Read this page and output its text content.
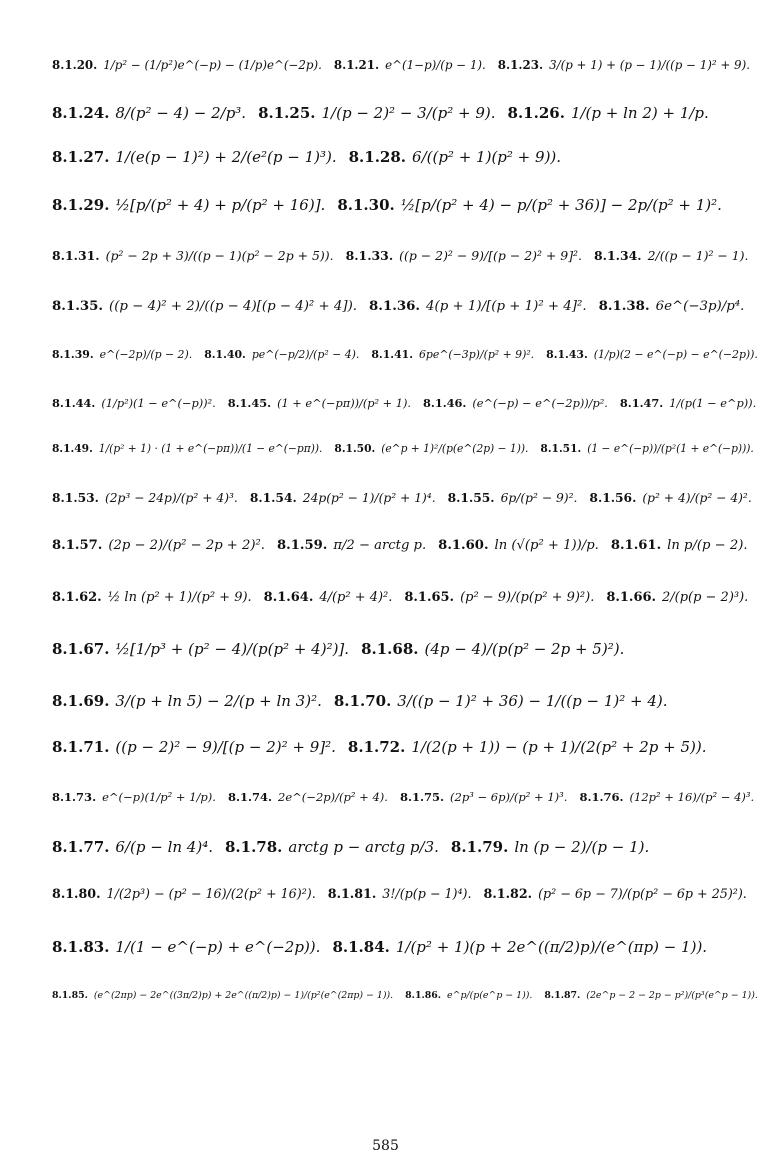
8.1.20. 1/p² − (1/p²)e^(−p) − (1/p)e^(−2p). 8.1.21. e^(1−p)/(p − 1). 8.1.23. 3/(p + 1) + (p − 1)/((p − 1)² + 9).
8.1.24. 8/(p² − 4) − 2/p³. 8.1.25. 1/(p − 2)² − 3/(p² + 9). 8.1.26. 1/(p + ln 2) + 1/p.
8.1.27. 1/(e(p − 1)²) + 2/(e²(p − 1)³). 8.1.28. 6/((p² + 1)(p² + 9)).
8.1.29. ½[p/(p² + 4) + p/(p² + 16)]. 8.1.30. ½[p/(p² + 4) − p/(p² + 36)] − 2p/(p² + 1)².
8.1.31. (p² − 2p + 3)/((p − 1)(p² − 2p + 5)). 8.1.33. ((p − 2)² − 9)/[(p − 2)² + 9]². 8.1.34. 2/((p − 1)² − 1).
8.1.35. ((p − 4)² + 2)/((p − 4)[(p − 4)² + 4]). 8.1.36. 4(p + 1)/[(p + 1)² + 4]². 8.1.38. 6e^(−3p)/p⁴.
8.1.39. e^(−2p)/(p − 2). 8.1.40. pe^(−p/2)/(p² − 4). 8.1.41. 6pe^(−3p)/(p² + 9)². 8.1.43. (1/p)(2 − e^(−p) − e^(−2p)).
8.1.44. (1/p²)(1 − e^(−p))². 8.1.45. (1 + e^(−pπ))/(p² + 1). 8.1.46. (e^(−p) − e^(−2p))/p². 8.1.47. 1/(p(1 − e^p)).
8.1.49. 1/(p² + 1) · (1 + e^(−pπ))/(1 − e^(−pπ)). 8.1.50. (e^p + 1)²/(p(e^(2p) − 1)). 8.1.51. (1 − e^(−p))/(p²(1 + e^(−p))).
8.1.53. (2p³ − 24p)/(p² + 4)³. 8.1.54. 24p(p² − 1)/(p² + 1)⁴. 8.1.55. 6p/(p² − 9)². 8.1.56. (p² + 4)/(p² − 4)².
8.1.57. (2p − 2)/(p² − 2p + 2)². 8.1.59. π/2 − arctg p. 8.1.60. ln (√(p² + 1))/p. 8.1.61. ln p/(p − 2).
8.1.62. ½ ln (p² + 1)/(p² + 9). 8.1.64. 4/(p² + 4)². 8.1.65. (p² − 9)/(p(p² + 9)²). 8.1.66. 2/(p(p − 2)³).
8.1.67. ½[1/p³ + (p² − 4)/(p(p² + 4)²)]. 8.1.68. (4p − 4)/(p(p² − 2p + 5)²).
8.1.69. 3/(p + ln 5) − 2/(p + ln 3)². 8.1.70. 3/((p − 1)² + 36) − 1/((p − 1)² + 4).
8.1.71. ((p − 2)² − 9)/[(p − 2)² + 9]². 8.1.72. 1/(2(p + 1)) − (p + 1)/(2(p² + 2p + 5)).
8.1.73. e^(−p)(1/p² + 1/p). 8.1.74. 2e^(−2p)/(p² + 4). 8.1.75. (2p³ − 6p)/(p² + 1)³. 8.1.76. (12p² + 16)/(p² − 4)³.
8.1.77. 6/(p − ln 4)⁴. 8.1.78. arctg p − arctg p/3. 8.1.79. ln (p − 2)/(p − 1).
8.1.80. 1/(2p³) − (p² − 16)/(2(p² + 16)²). 8.1.81. 3!/(p(p − 1)⁴). 8.1.82. (p² − 6p − 7)/(p(p² − 6p + 25)²).
8.1.83. 1/(1 − e^(−p) + e^(−2p)). 8.1.84. 1/(p² + 1)(p + 2e^((π/2)p)/(e^(πp) − 1)).
8.1.85. (e^(2πp) − 2e^((3π/2)p) + 2e^((π/2)p) − 1)/(p²(e^(2πp) − 1)). 8.1.86. e^p/(p(e^p − 1)). 8.1.87. (2e^p − 2 − 2p − p²)/(p³(e^p − 1)).
585
